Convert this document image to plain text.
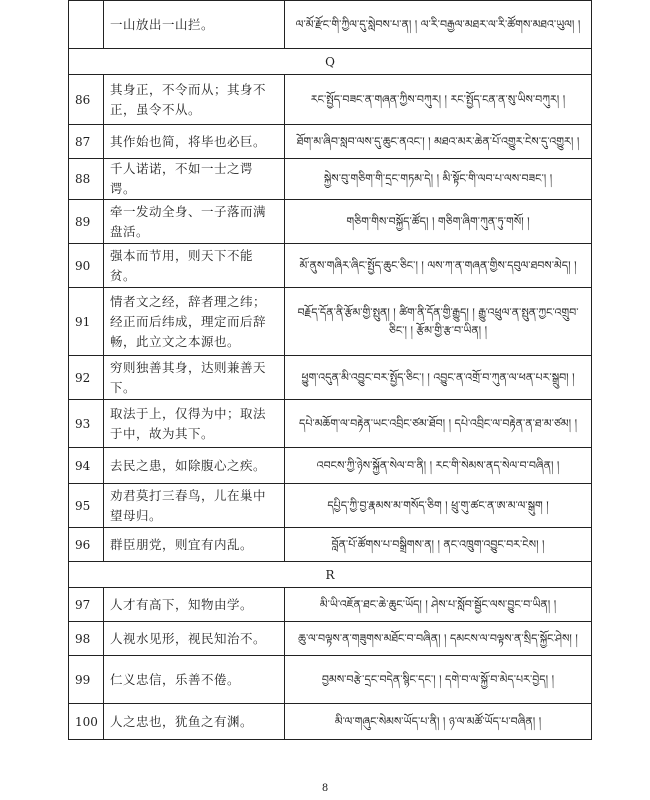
	一山放出一山拦。	ལ་མོ་རྫོང་གི་ཀྱིལ་དུ་སླེབས་པ་ན། ། ལ་རི་བརྒྱལ་མཐར་ལ་རི་ཚོགས་མཐའ་ཡུལ། །
Q		
86	其身正，不令而从；其身不正，虽令不从。	རང་སྤྱོད་བཟང་ན་གཞན་ཀྱིས་བཀུར། ། རང་སྤྱོད་ངན་ན་སུ་ཡིས་བཀུར། །
87	其作始也简，将毕也必巨。	ཐོག་མ་ཞིབ་སླབ་ལས་དུ་ཆུང་ནའང་། ། མཐའ་མར་ཆེན་པོ་འགྱུར་ངེས་དུ་འགྱུར། །
88	千人诺诺，不如一士之谔谔。	སྐྱེས་བུ་གཅིག་གི་དྲང་གཏམ་དེ། ། མི་སྟོང་གི་ལབ་པ་ལས་བཟང་། །
89	牵一发动全身、一子落而满盘活。	གཅིག་གིས་བསྐྱོད་ཚོད། ། གཅིག་ཞིག་ཀུན་ཏུ་གསོ། །
90	强本而节用，则天下不能贫。	མོ་ནུས་གཞིར་ཞིང་སྤྱོད་ཆུང་ཅིང་། ། ལས་ཀ་ན་གཞན་གྱིས་དབུལ་ཐབས་མེད། །
91	情者文之经，辞者理之纬；经正而后纬成，理定而后辞畅，此立文之本源也。	བརྗོད་དོན་ནི་རྩོམ་གྱི་སྤུན། ། ཚིག་ནི་དོན་གྱི་རྒྱུད། ། རྒྱུ་འཕྲུལ་ན་སྤུན་ཀྱང་འགྲུབ་ཅིང་། ། རྩོམ་གྱི་རྩ་བ་ཡིན། །
92	穷则独善其身，达则兼善天下。	ཕྱུག་འདུན་མི་འབྱུང་བར་སྤྱོད་ཅིང་། ། འབྱུང་ན་འགྲོ་བ་ཀུན་ལ་ཕན་པར་སྒྲུབ། །
93	取法于上，仅得为中；取法于中，故为其下。	དཔེ་མཆོག་ལ་བརྟེན་ཡང་འབྲིང་ཙམ་ཐོབ། ། དཔེ་འབྲིང་ལ་བརྟེན་ན་ཐ་མ་ཙམ། །
94	去民之患，如除腹心之疾。	འབངས་ཀྱི་ཉེས་སྐྱོན་སེལ་བ་ནི། ། རང་གི་སེམས་ནད་སེལ་བ་བཞིན། །
95	劝君莫打三春鸟，儿在巢中望母归。	དཔྱིད་ཀྱི་བྱ་རྣམས་མ་གསོད་ཅིག ། ཕྲུ་གུ་ཚང་ན་ཨ་མ་ལ་སྒུག །
96	群臣朋党，则宜有内乱。	བློན་པོ་ཚོགས་པ་བསྒྲིགས་ན། ། ནང་འཁྲུག་འབྱུང་བར་ངེས། །
R		
97	人才有高下，知物由学。	མི་ཡི་འཇོན་ཐང་ཆེ་ཆུང་ཡོད། ། ཤེས་པ་སློབ་སྦྱོང་ལས་བྱུང་བ་ཡིན། །
98	人视水见形，视民知治不。	ཆུ་ལ་བལྟས་ན་གཟུགས་མཐོང་བ་བཞིན། ། དམངས་ལ་བལྟས་ན་སྲིད་སྐྱོང་ཤེས། །
99	仁义忠信，乐善不倦。	བྱམས་བརྩེ་དྲང་བདེན་སྙིང་དང་། ། དགེ་བ་ལ་སྐྱོ་བ་མེད་པར་བྱེད། །
100	人之忠也，犹鱼之有渊。	མི་ལ་གཞུང་སེམས་ཡོད་པ་ནི། ། ཉ་ལ་མཚོ་ཡོད་པ་བཞིན། །
8
